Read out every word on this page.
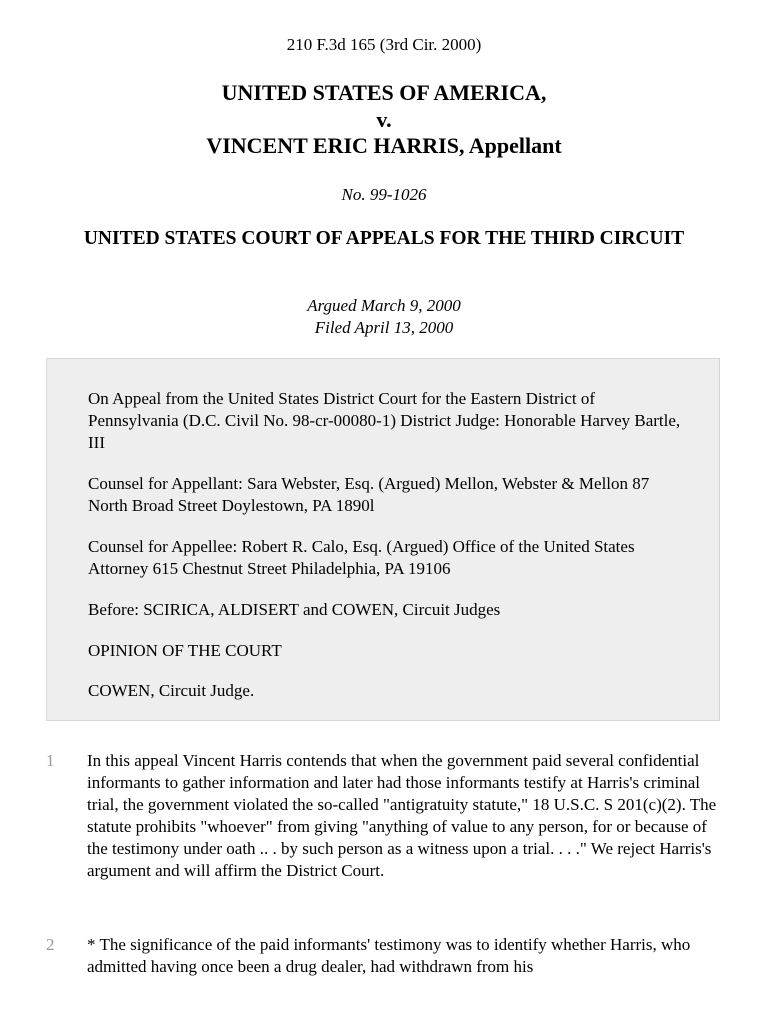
210 F.3d 165 (3rd Cir. 2000)
UNITED STATES OF AMERICA,
v.
VINCENT ERIC HARRIS, Appellant
No. 99-1026
UNITED STATES COURT OF APPEALS FOR THE THIRD CIRCUIT
Argued March 9, 2000
Filed April 13, 2000
On Appeal from the United States District Court for the Eastern District of Pennsylvania (D.C. Civil No. 98-cr-00080-1) District Judge: Honorable Harvey Bartle, III
Counsel for Appellant: Sara Webster, Esq. (Argued) Mellon, Webster & Mellon 87 North Broad Street Doylestown, PA 1890l
Counsel for Appellee: Robert R. Calo, Esq. (Argued) Office of the United States Attorney 615 Chestnut Street Philadelphia, PA 19106
Before: SCIRICA, ALDISERT and COWEN, Circuit Judges
OPINION OF THE COURT
COWEN, Circuit Judge.
1 In this appeal Vincent Harris contends that when the government paid several confidential informants to gather information and later had those informants testify at Harris's criminal trial, the government violated the so-called "antigratuity statute," 18 U.S.C. S 201(c)(2). The statute prohibits "whoever" from giving "anything of value to any person, for or because of the testimony under oath .. . by such person as a witness upon a trial. . . ." We reject Harris's argument and will affirm the District Court.
2 * The significance of the paid informants' testimony was to identify whether Harris, who admitted having once been a drug dealer, had withdrawn from his
